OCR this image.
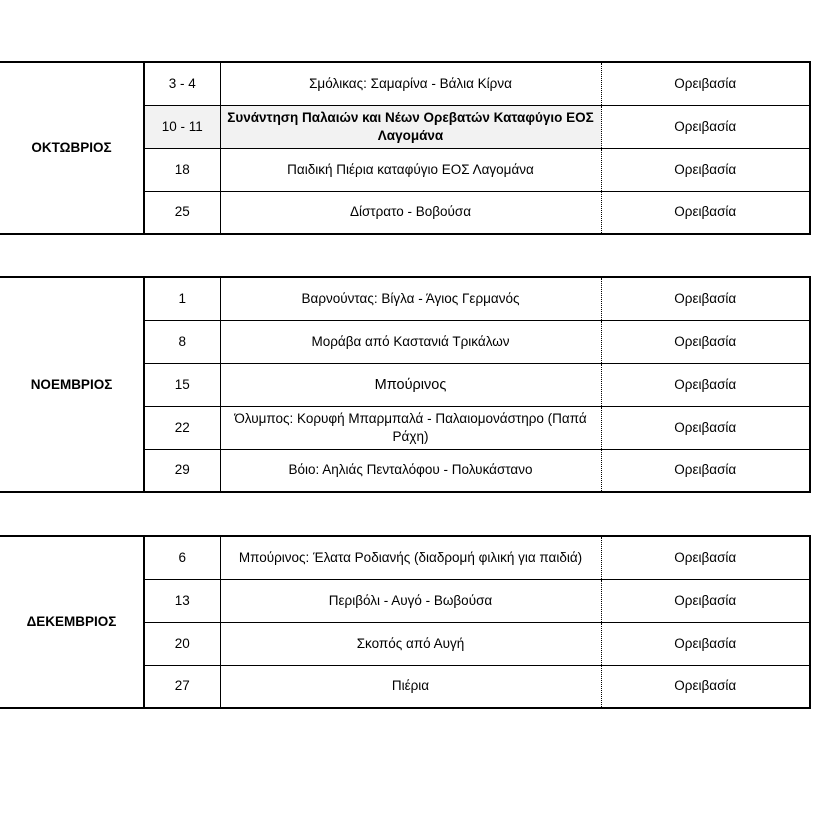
ΟΚΤΩΒΡΙΟΣ	3 - 4	Σμόλικας: Σαμαρίνα - Βάλια Κίρνα	Ορειβασία
	10 - 11	Συνάντηση Παλαιών και Νέων Ορεβατών Καταφύγιο ΕΟΣ Λαγομάνα	Ορειβασία
	18	Παιδική Πιέρια καταφύγιο ΕΟΣ Λαγομάνα	Ορειβασία
	25	Δίστρατο - Βοβούσα	Ορειβασία
ΝΟΕΜΒΡΙΟΣ	1	Βαρνούντας: Βίγλα - Άγιος Γερμανός	Ορειβασία
	8	Μοράβα από Καστανιά Τρικάλων	Ορειβασία
	15	Μπούρινος	Ορειβασία
	22	Όλυμπος: Κορυφή Μπαρμπαλά - Παλαιομονάστηρο (Παπά Ράχη)	Ορειβασία
	29	Βόιο: Αηλιάς Πενταλόφου - Πολυκάστανο	Ορειβασία
ΔΕΚΕΜΒΡΙΟΣ	6	Μπούρινος: Έλατα Ροδιανής (διαδρομή φιλική για παιδιά)	Ορειβασία
	13	Περιβόλι - Αυγό - Βωβούσα	Ορειβασία
	20	Σκοπός από Αυγή	Ορειβασία
	27	Πιέρια	Ορειβασία
